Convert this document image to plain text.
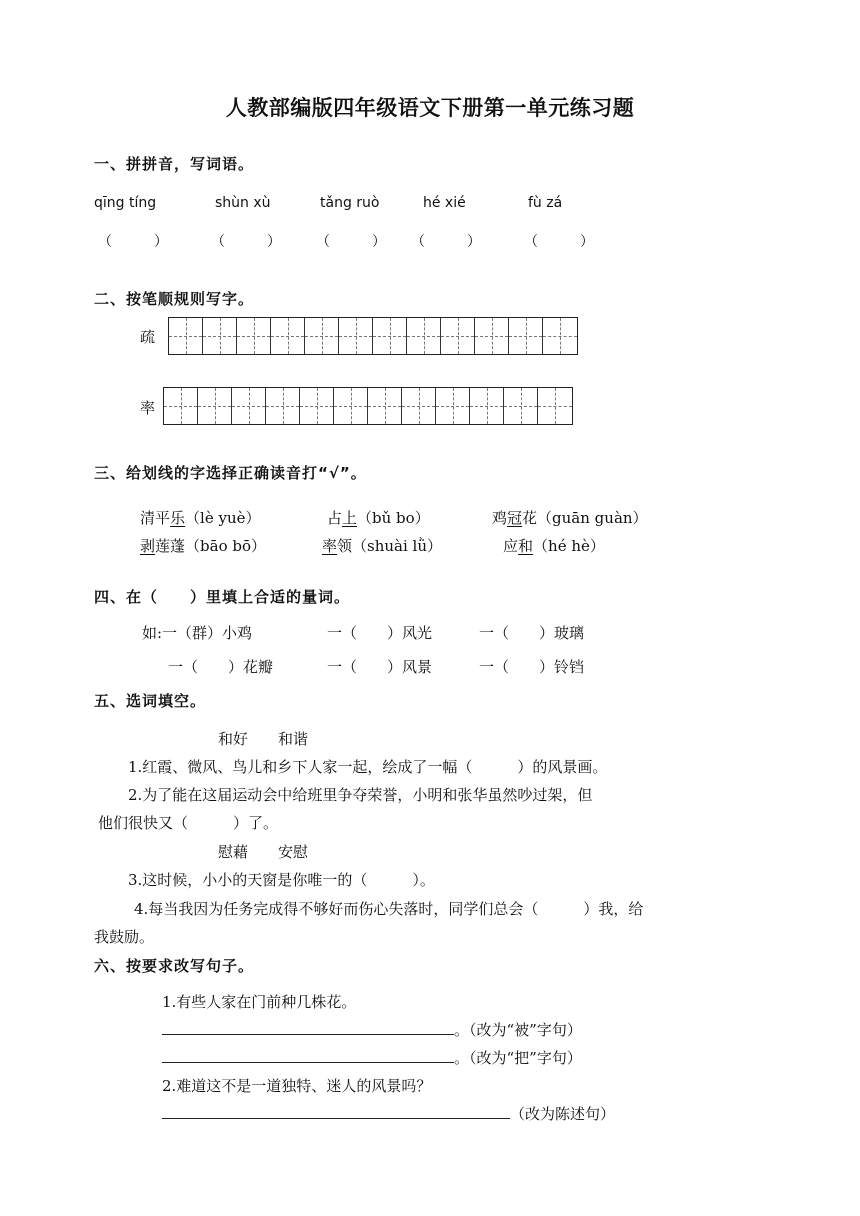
人教部编版四年级语文下册第一单元练习题
一、拼拼音，写词语。
qīng tíng	shùn xù	tǎng ruò	hé xié	fù zá
（　　　）	（　　　）	（　　　） （　　　）	（　　　）
二、按笔顺规则写字。
疏
率
三、给划线的字选择正确读音打“√”。
清平乐（lè yuè）	占上（bǔ bo）	鸡冠花（guān guàn）
剥莲蓬（bāo bō）	率领（shuài lǜ）	应和（hé hè）
四、在（　　）里填上合适的量词。
如:一（群）小鸡	一（　　）风光	一（　　）玻璃
一（　　）花瓣	一（　　）风景	一（　　）铃铛
五、选词填空。
和好　　和谐
1.红霞、微风、鸟儿和乡下人家一起，绘成了一幅（　　　）的风景画。
2.为了能在这届运动会中给班里争夺荣誉，小明和张华虽然吵过架，但
他们很快又（　　　）了。
慰藉　　安慰
3.这时候，小小的天窗是你唯一的（　　　）。
4.每当我因为任务完成得不够好而伤心失落时，同学们总会（　　　）我，给
我鼓励。
六、按要求改写句子。
1.有些人家在门前种几株花。
。（改为“被”字句）
。（改为“把”字句）
2.难道这不是一道独特、迷人的风景吗？
（改为陈述句）
